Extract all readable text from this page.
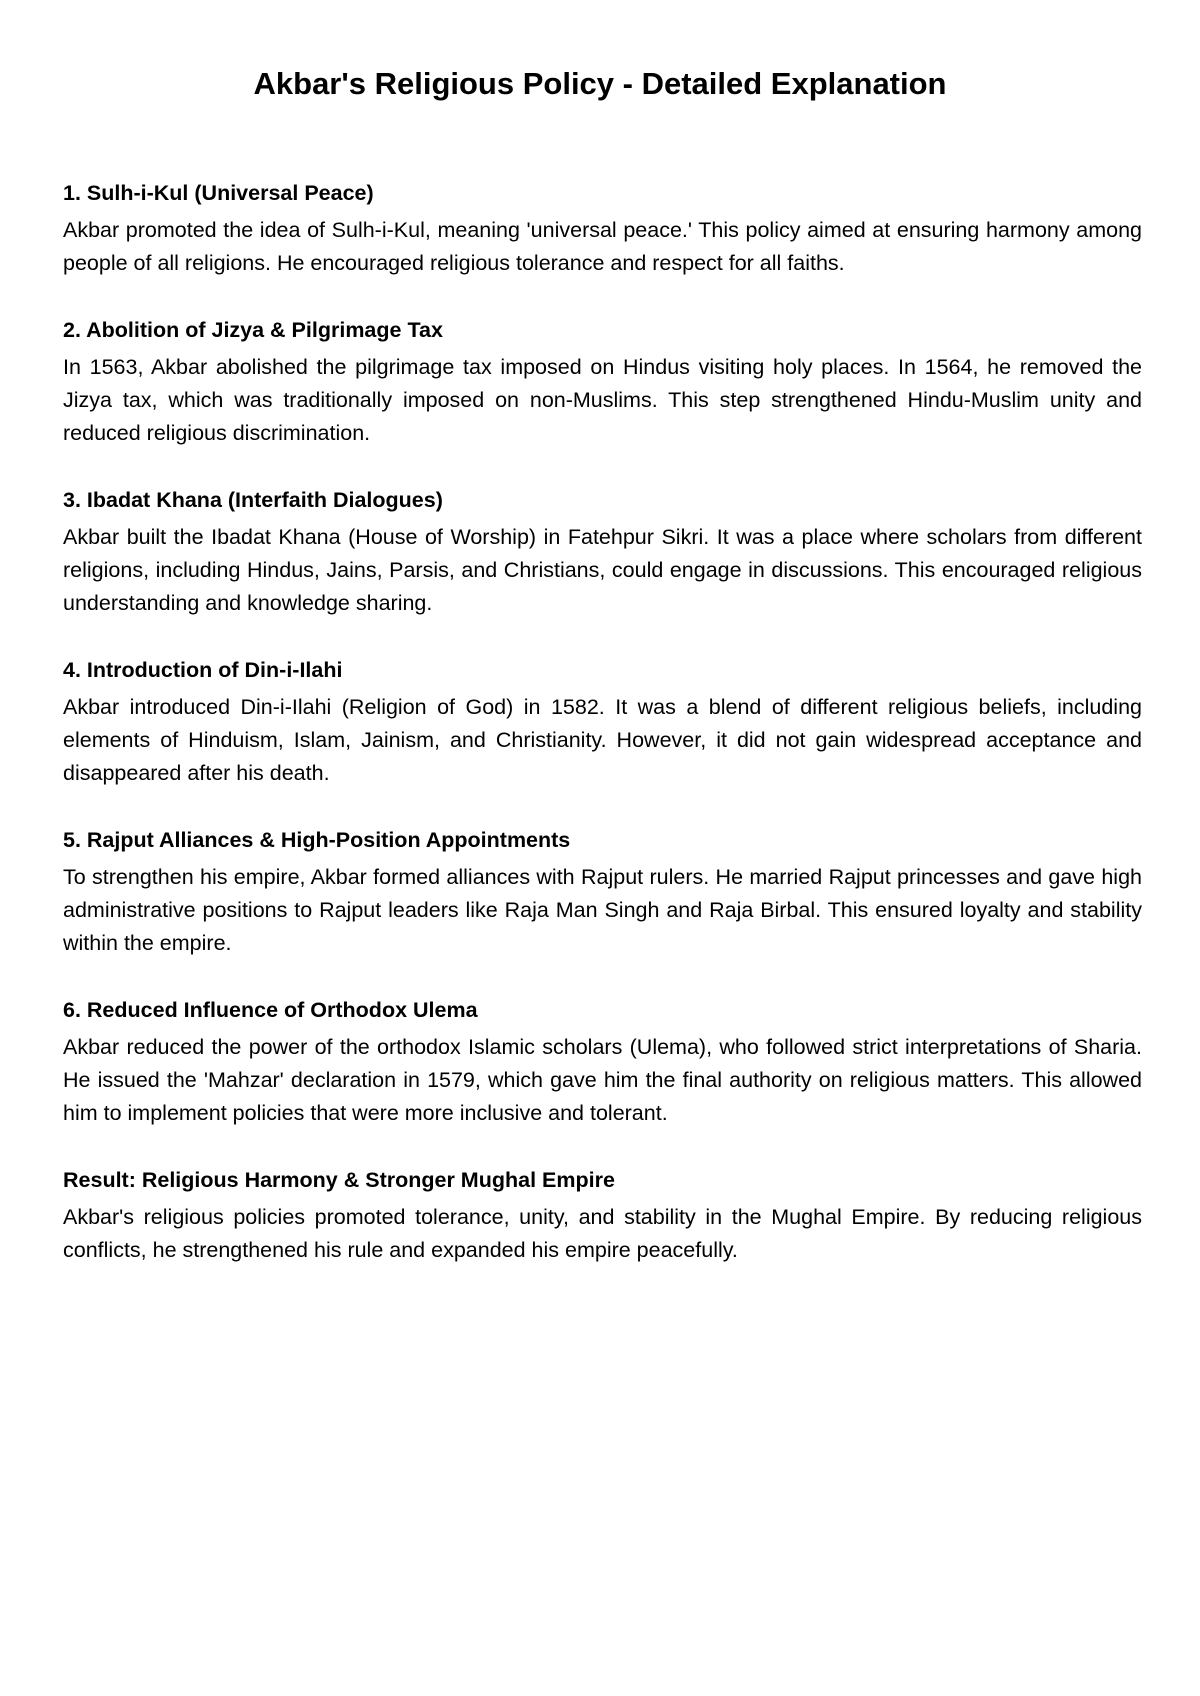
Akbar's Religious Policy - Detailed Explanation

1. Sulh-i-Kul (Universal Peace)

Akbar promoted the idea of Sulh-i-Kul, meaning 'universal peace.' This policy aimed at ensuring harmony among people of all religions. He encouraged religious tolerance and respect for all faiths.

2. Abolition of Jizya & Pilgrimage Tax

In 1563, Akbar abolished the pilgrimage tax imposed on Hindus visiting holy places. In 1564, he removed the Jizya tax, which was traditionally imposed on non-Muslims. This step strengthened Hindu-Muslim unity and reduced religious discrimination.

3. Ibadat Khana (Interfaith Dialogues)

Akbar built the Ibadat Khana (House of Worship) in Fatehpur Sikri. It was a place where scholars from different religions, including Hindus, Jains, Parsis, and Christians, could engage in discussions. This encouraged religious understanding and knowledge sharing.

4. Introduction of Din-i-Ilahi

Akbar introduced Din-i-Ilahi (Religion of God) in 1582. It was a blend of different religious beliefs, including elements of Hinduism, Islam, Jainism, and Christianity. However, it did not gain widespread acceptance and disappeared after his death.

5. Rajput Alliances & High-Position Appointments

To strengthen his empire, Akbar formed alliances with Rajput rulers. He married Rajput princesses and gave high administrative positions to Rajput leaders like Raja Man Singh and Raja Birbal. This ensured loyalty and stability within the empire.

6. Reduced Influence of Orthodox Ulema

Akbar reduced the power of the orthodox Islamic scholars (Ulema), who followed strict interpretations of Sharia. He issued the 'Mahzar' declaration in 1579, which gave him the final authority on religious matters. This allowed him to implement policies that were more inclusive and tolerant.

Result: Religious Harmony & Stronger Mughal Empire

Akbar's religious policies promoted tolerance, unity, and stability in the Mughal Empire. By reducing religious conflicts, he strengthened his rule and expanded his empire peacefully.
